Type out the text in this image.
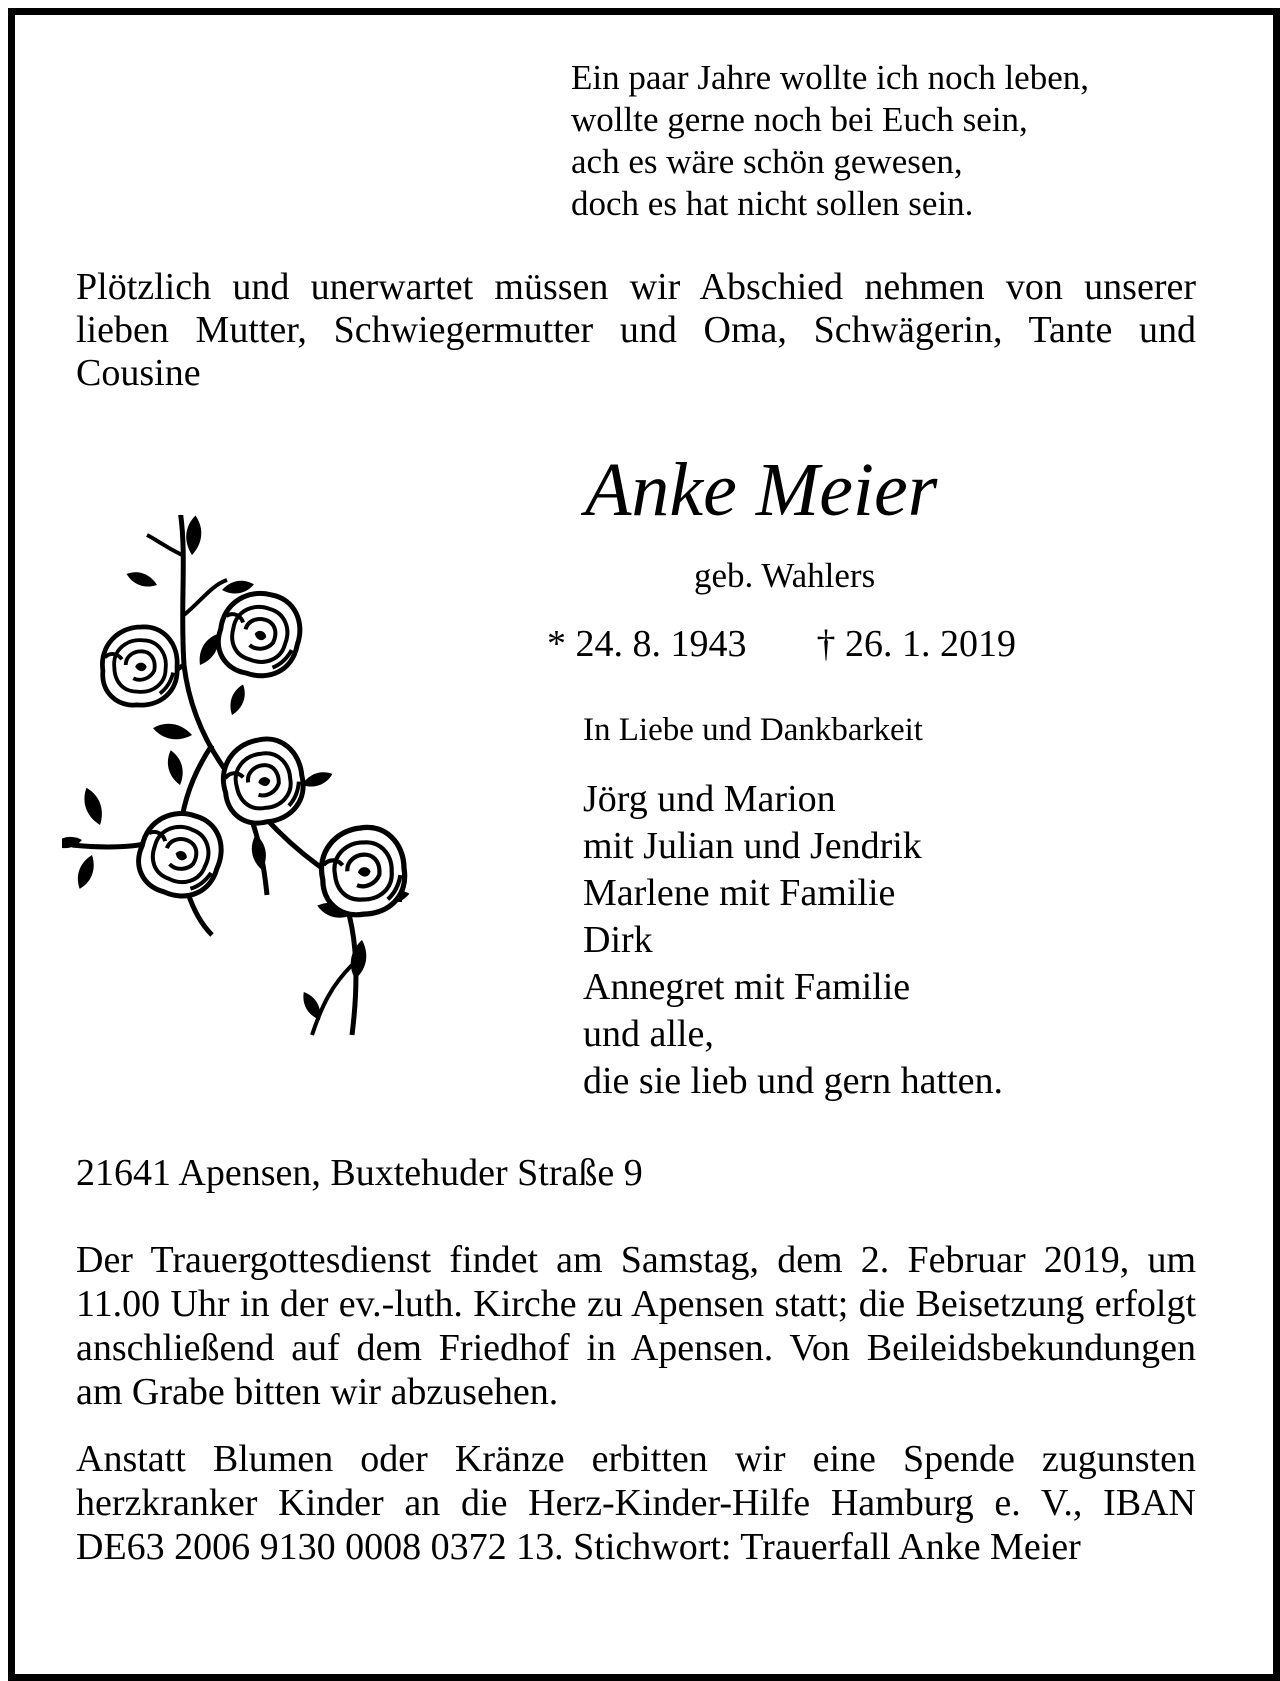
Ein paar Jahre wollte ich noch leben,
wollte gerne noch bei Euch sein,
ach es wäre schön gewesen,
doch es hat nicht sollen sein.
Plötzlich und unerwartet müssen wir Abschied nehmen von unserer lieben Mutter, Schwiegermutter und Oma, Schwägerin, Tante und Cousine
Anke Meier
geb. Wahlers
* 24. 8. 1943 † 26. 1. 2019
In Liebe und Dankbarkeit
Jörg und Marion
mit Julian und Jendrik
Marlene mit Familie
Dirk
Annegret mit Familie
und alle,
die sie lieb und gern hatten.
21641 Apensen, Buxtehuder Straße 9
Der Trauergottesdienst findet am Samstag, dem 2. Februar 2019, um 11.00 Uhr in der ev.-luth. Kirche zu Apensen statt; die Beisetzung erfolgt anschließend auf dem Friedhof in Apensen. Von Beileidsbekundungen am Grabe bitten wir abzusehen.
Anstatt Blumen oder Kränze erbitten wir eine Spende zugunsten herzkranker Kinder an die Herz-Kinder-Hilfe Hamburg e. V., IBAN DE63 2006 9130 0008 0372 13. Stichwort: Trauerfall Anke Meier
